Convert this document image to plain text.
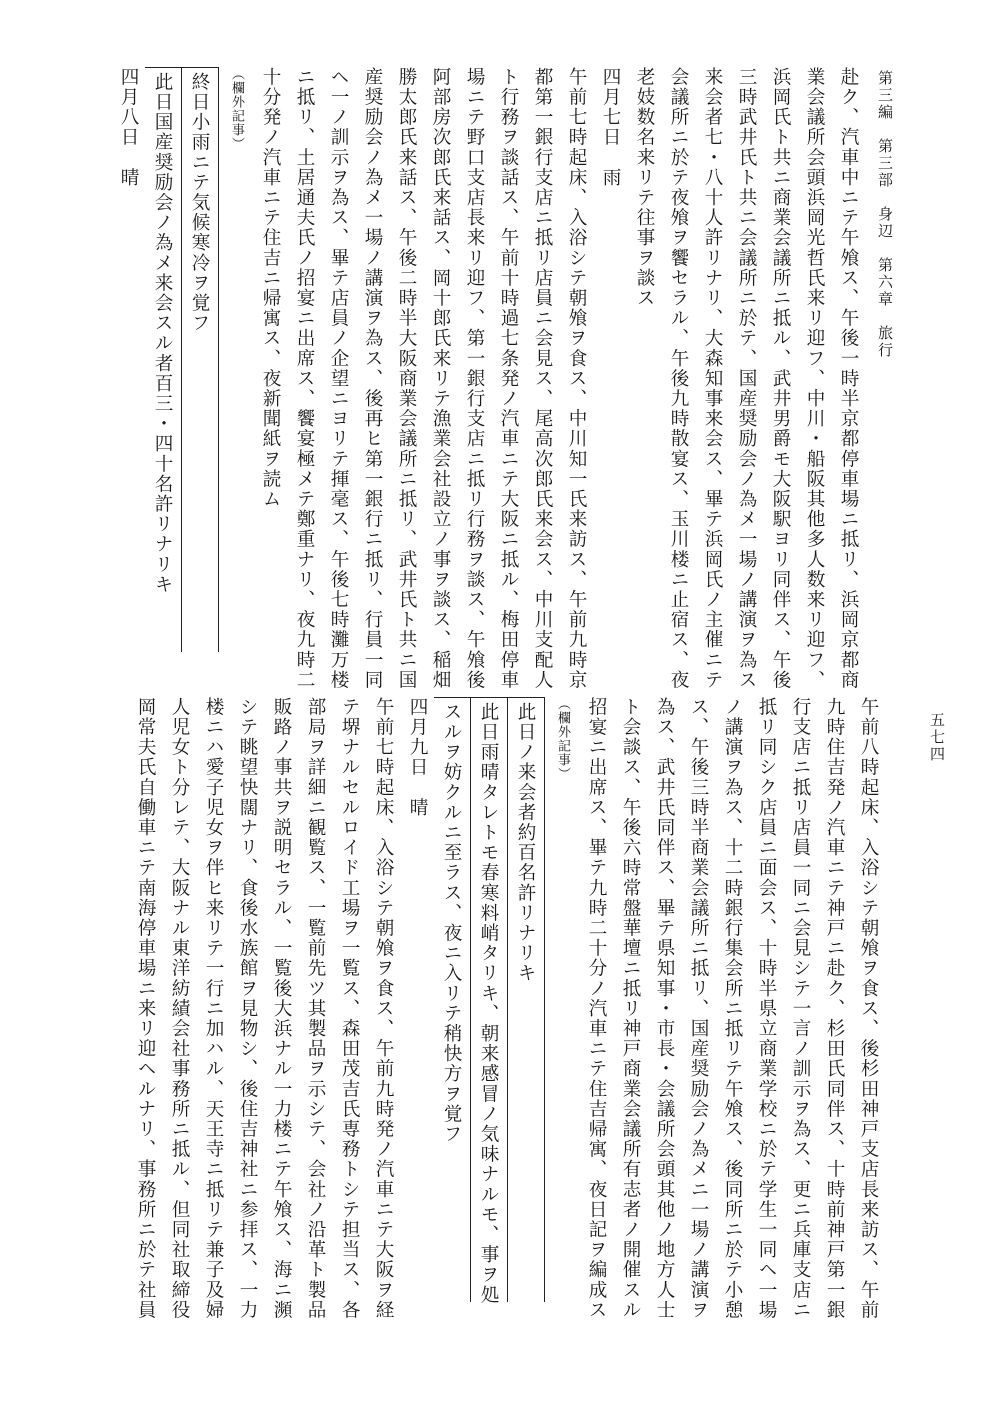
第三編　第三部　身辺　第六章　旅行

五七四

赴ク、汽車中ニテ午飧ス、午後一時半京都停車場ニ抵リ、浜岡京都商
業会議所会頭浜岡光哲氏来リ迎フ、中川・船阪其他多人数来リ迎フ、
浜岡氏ト共ニ商業会議所ニ抵ル、武井男爵モ大阪駅ヨリ同伴ス、午後
三時武井氏ト共ニ会議所ニ於テ、国産奨励会ノ為メ一場ノ講演ヲ為ス
来会者七・八十人許リナリ、大森知事来会ス、畢テ浜岡氏ノ主催ニテ
会議所ニ於テ夜飧ヲ饗セラル、午後九時散宴ス、玉川楼ニ止宿ス、夜
老妓数名来リテ往事ヲ談ス
四月七日　雨
午前七時起床、入浴シテ朝飧ヲ食ス、中川知一氏来訪ス、午前九時京
都第一銀行支店ニ抵リ店員ニ会見ス、尾高次郎氏来会ス、中川支配人
ト行務ヲ談話ス、午前十時過七条発ノ汽車ニテ大阪ニ抵ル、梅田停車
場ニテ野口支店長来リ迎フ、第一銀行支店ニ抵リ行務ヲ談ス、午飧後
阿部房次郎氏来話ス、岡十郎氏来リテ漁業会社設立ノ事ヲ談ス、稲畑
勝太郎氏来話ス、午後二時半大阪商業会議所ニ抵リ、武井氏ト共ニ国
産奨励会ノ為メ一場ノ講演ヲ為ス、後再ヒ第一銀行ニ抵リ、行員一同
ヘ一ノ訓示ヲ為ス、畢テ店員ノ企望ニヨリテ揮毫ス、午後七時灘万楼
ニ抵リ、土居通夫氏ノ招宴ニ出席ス、饗宴極メテ鄭重ナリ、夜九時二
十分発ノ汽車ニテ住吉ニ帰寓ス、夜新聞紙ヲ読ム
（欄外記事）
終日小雨ニテ気候寒冷ヲ覚フ
此日国産奨励会ノ為メ来会スル者百三・四十名許リナリキ
四月八日　晴
午前八時起床、入浴シテ朝飧ヲ食ス、後杉田神戸支店長来訪ス、午前
九時住吉発ノ汽車ニテ神戸ニ赴ク、杉田氏同伴ス、十時前神戸第一銀
行支店ニ抵リ店員一同ニ会見シテ一言ノ訓示ヲ為ス、更ニ兵庫支店ニ
抵リ同シク店員ニ面会ス、十時半県立商業学校ニ於テ学生一同ヘ一場
ノ講演ヲ為ス、十二時銀行集会所ニ抵リテ午飧ス、後同所ニ於テ小憩
ス、午後三時半商業会議所ニ抵リ、国産奨励会ノ為メニ一場ノ講演ヲ
為ス、武井氏同伴ス、畢テ県知事・市長・会議所会頭其他ノ地方人士
ト会談ス、午後六時常盤華壇ニ抵リ神戸商業会議所有志者ノ開催スル
招宴ニ出席ス、畢テ九時二十分ノ汽車ニテ住吉帰寓、夜日記ヲ編成ス
（欄外記事）
此日ノ来会者約百名許リナリキ
此日雨晴タレトモ春寒料峭タリキ、朝来感冒ノ気味ナルモ、事ヲ処
スルヲ妨クルニ至ラス、夜ニ入リテ稍快方ヲ覚フ
四月九日　晴
午前七時起床、入浴シテ朝飧ヲ食ス、午前九時発ノ汽車ニテ大阪ヲ経
テ堺ナルセルロイド工場ヲ一覧ス、森田茂吉氏専務トシテ担当ス、各
部局ヲ詳細ニ観覧ス、一覧前先ツ其製品ヲ示シテ、会社ノ沿革ト製品
販路ノ事共ヲ説明セラル、一覧後大浜ナル一力楼ニテ午飧ス、海ニ瀕
シテ眺望快闊ナリ、食後水族館ヲ見物シ、後住吉神社ニ参拝ス、一力
楼ニハ愛子児女ヲ伴ヒ来リテ一行ニ加ハル、天王寺ニ抵リテ兼子及婦
人児女ト分レテ、大阪ナル東洋紡績会社事務所ニ抵ル、但同社取締役
岡常夫氏自働車ニテ南海停車場ニ来リ迎ヘルナリ、事務所ニ於テ社員
